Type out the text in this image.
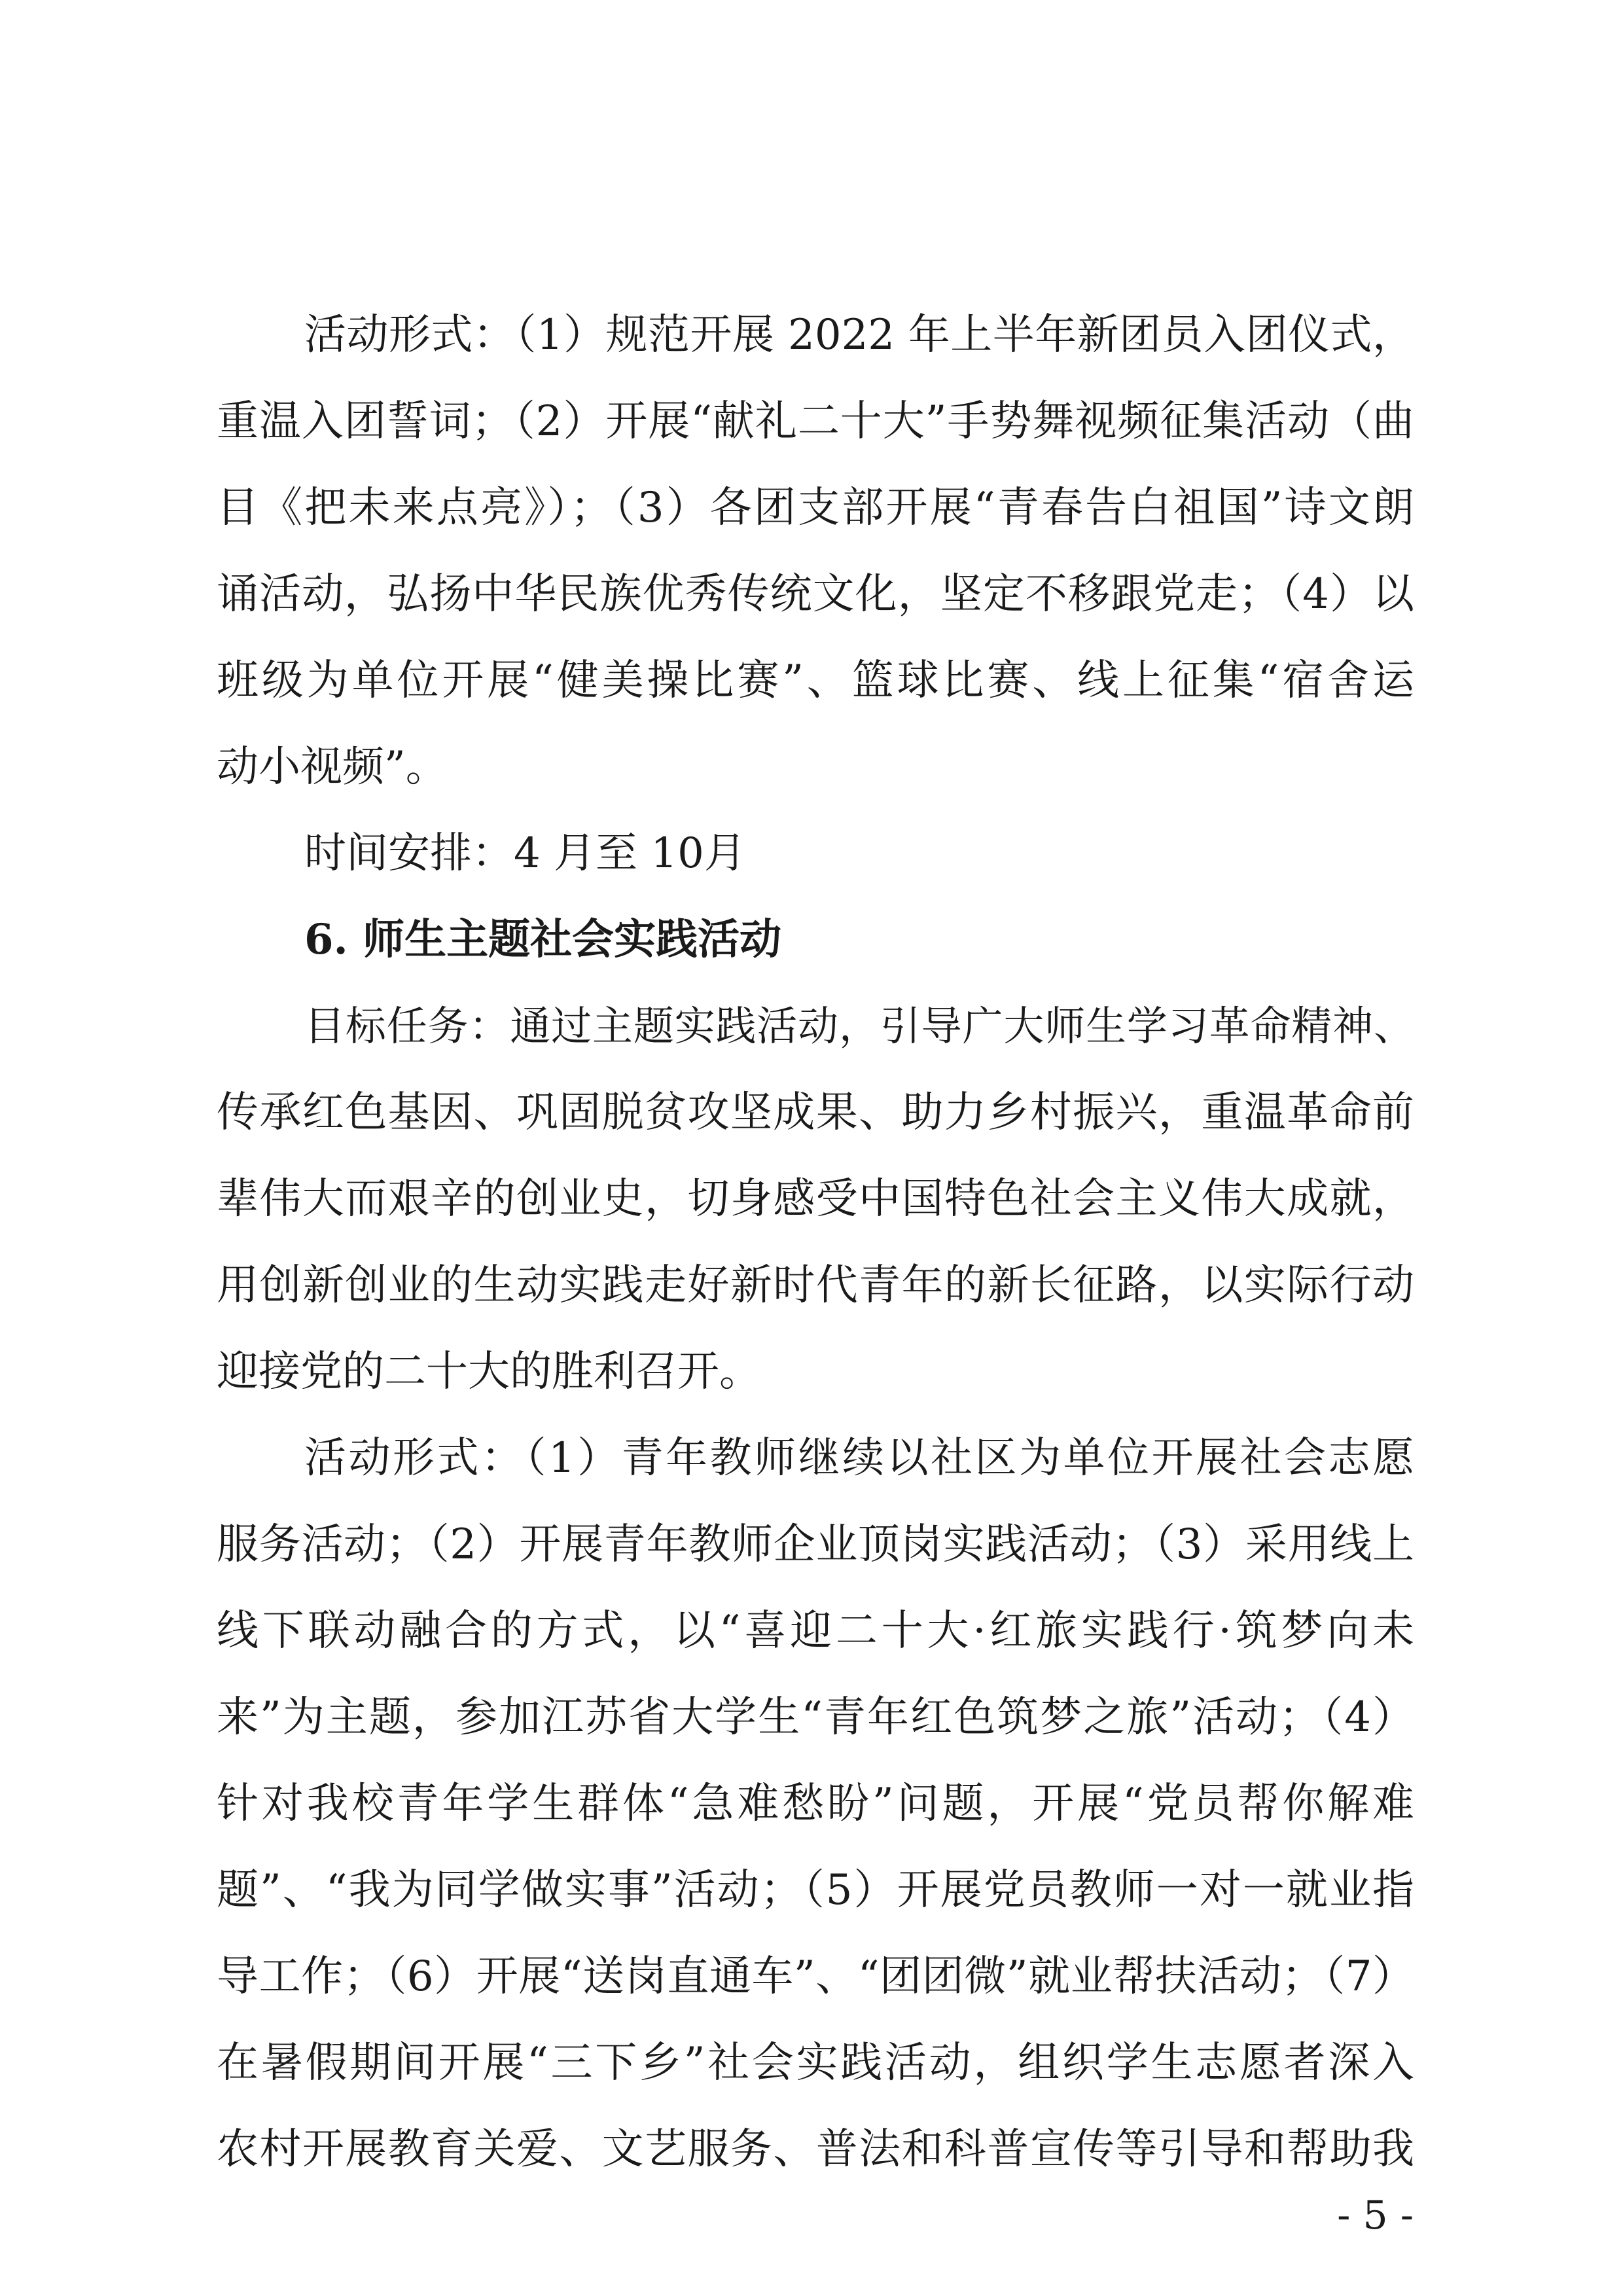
活动形式：（1）规范开展 2022 年上半年新团员入团仪式，
重温入团誓词；（2）开展“献礼二十大”手势舞视频征集活动（曲
目《把未来点亮》）；（3）各团支部开展“青春告白祖国”诗文朗
诵活动，弘扬中华民族优秀传统文化，坚定不移跟党走；（4）以
班级为单位开展“健美操比赛”、篮球比赛、线上征集“宿舍运
动小视频”。
时间安排：4 月至 10月
6. 师生主题社会实践活动
目标任务：通过主题实践活动，引导广大师生学习革命精神、
传承红色基因、巩固脱贫攻坚成果、助力乡村振兴，重温革命前
辈伟大而艰辛的创业史，切身感受中国特色社会主义伟大成就，
用创新创业的生动实践走好新时代青年的新长征路，以实际行动
迎接党的二十大的胜利召开。
活动形式：（1）青年教师继续以社区为单位开展社会志愿
服务活动；（2）开展青年教师企业顶岗实践活动；（3）采用线上
线下联动融合的方式，以“喜迎二十大·红旅实践行·筑梦向未
来”为主题，参加江苏省大学生“青年红色筑梦之旅”活动；（4）
针对我校青年学生群体“急难愁盼”问题，开展“党员帮你解难
题”、“我为同学做实事”活动；（5）开展党员教师一对一就业指
导工作；（6）开展“送岗直通车”、“团团微”就业帮扶活动；（7）
在暑假期间开展“三下乡”社会实践活动，组织学生志愿者深入
农村开展教育关爱、文艺服务、普法和科普宣传等引导和帮助我
- 5 -
